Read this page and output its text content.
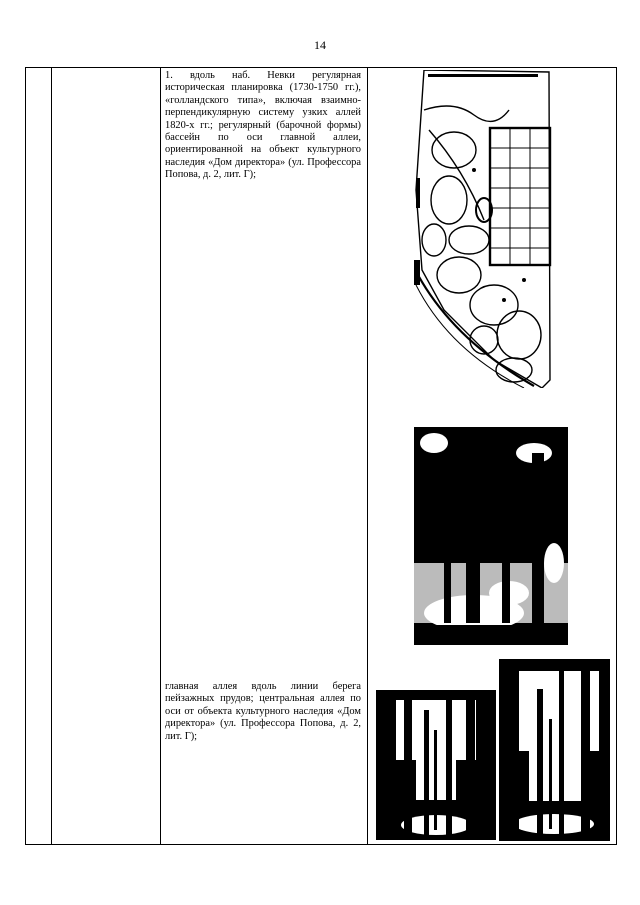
14
1. вдоль наб. Невки регулярная историческая планировка (1730-1750 гг.), «голландского типа», включая взаимно-перпендикулярную систему узких аллей 1820-х гг.; регулярный (барочной формы) бассейн по оси главной аллеи, ориентированной на объект культурного наследия «Дом директора» (ул. Профессора Попова, д. 2, лит. Г);
главная аллея вдоль линии берега пейзажных прудов; центральная аллея по оси от объекта культурного наследия «Дом директора» (ул. Профессора Попова, д. 2, лит. Г);
